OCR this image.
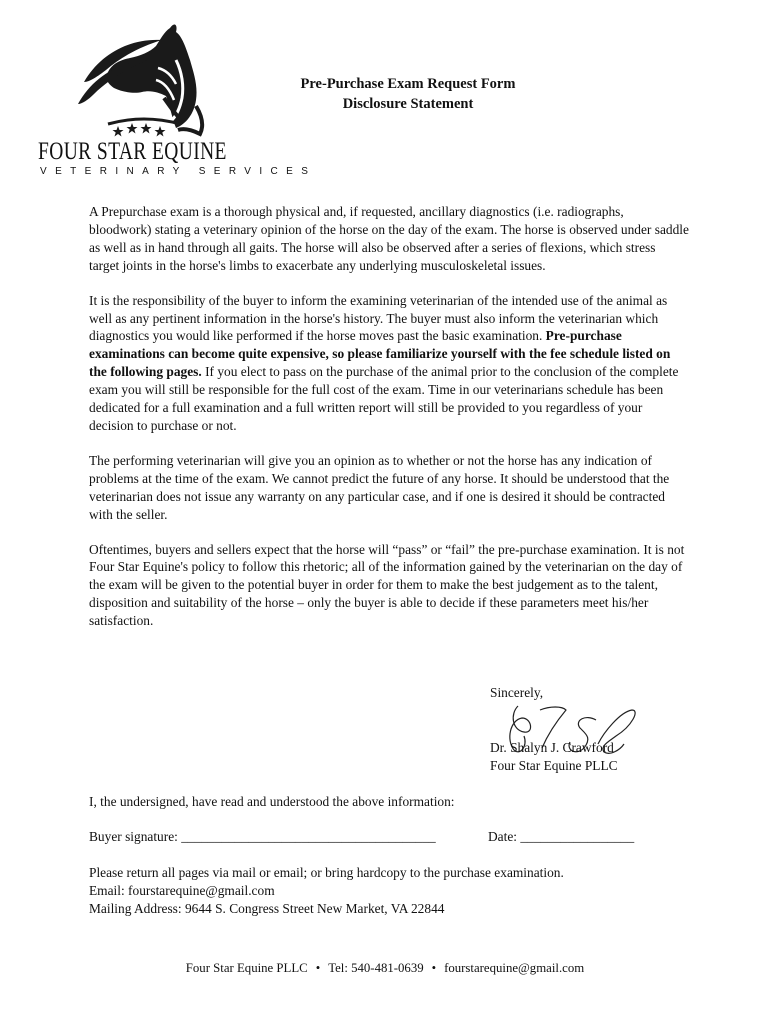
FOUR STAR EQUINE
VETERINARY SERVICES
Pre-Purchase Exam Request Form
Disclosure Statement

A Prepurchase exam is a thorough physical and, if requested, ancillary diagnostics (i.e. radiographs, bloodwork) stating a veterinary opinion of the horse on the day of the exam. The horse is observed under saddle as well as in hand through all gaits. The horse will also be observed after a series of flexions, which stress target joints in the horse's limbs to exacerbate any underlying musculoskeletal issues.

It is the responsibility of the buyer to inform the examining veterinarian of the intended use of the animal as well as any pertinent information in the horse's history. The buyer must also inform the veterinarian which diagnostics you would like performed if the horse moves past the basic examination. Pre-purchase examinations can become quite expensive, so please familiarize yourself with the fee schedule listed on the following pages. If you elect to pass on the purchase of the animal prior to the conclusion of the complete exam you will still be responsible for the full cost of the exam. Time in our veterinarians schedule has been dedicated for a full examination and a full written report will still be provided to you regardless of your decision to purchase or not.

The performing veterinarian will give you an opinion as to whether or not the horse has any indication of problems at the time of the exam. We cannot predict the future of any horse. It should be understood that the veterinarian does not issue any warranty on any particular case, and if one is desired it should be contracted with the seller.

Oftentimes, buyers and sellers expect that the horse will “pass” or “fail” the pre-purchase examination. It is not Four Star Equine's policy to follow this rhetoric; all of the information gained by the veterinarian on the day of the exam will be given to the potential buyer in order for them to make the best judgement as to the talent, disposition and suitability of the horse – only the buyer is able to decide if these parameters meet his/her satisfaction.

Sincerely,
Dr. Shalyn J. Crawford
Four Star Equine PLLC
I, the undersigned, have read and understood the above information:
Buyer signature: ______________________________________	Date: _________________
Please return all pages via mail or email; or bring hardcopy to the purchase examination.
Email: fourstarequine@gmail.com
Mailing Address: 9644 S. Congress Street New Market, VA 22844
Four Star Equine PLLC • Tel: 540-481-0639 • fourstarequine@gmail.com
